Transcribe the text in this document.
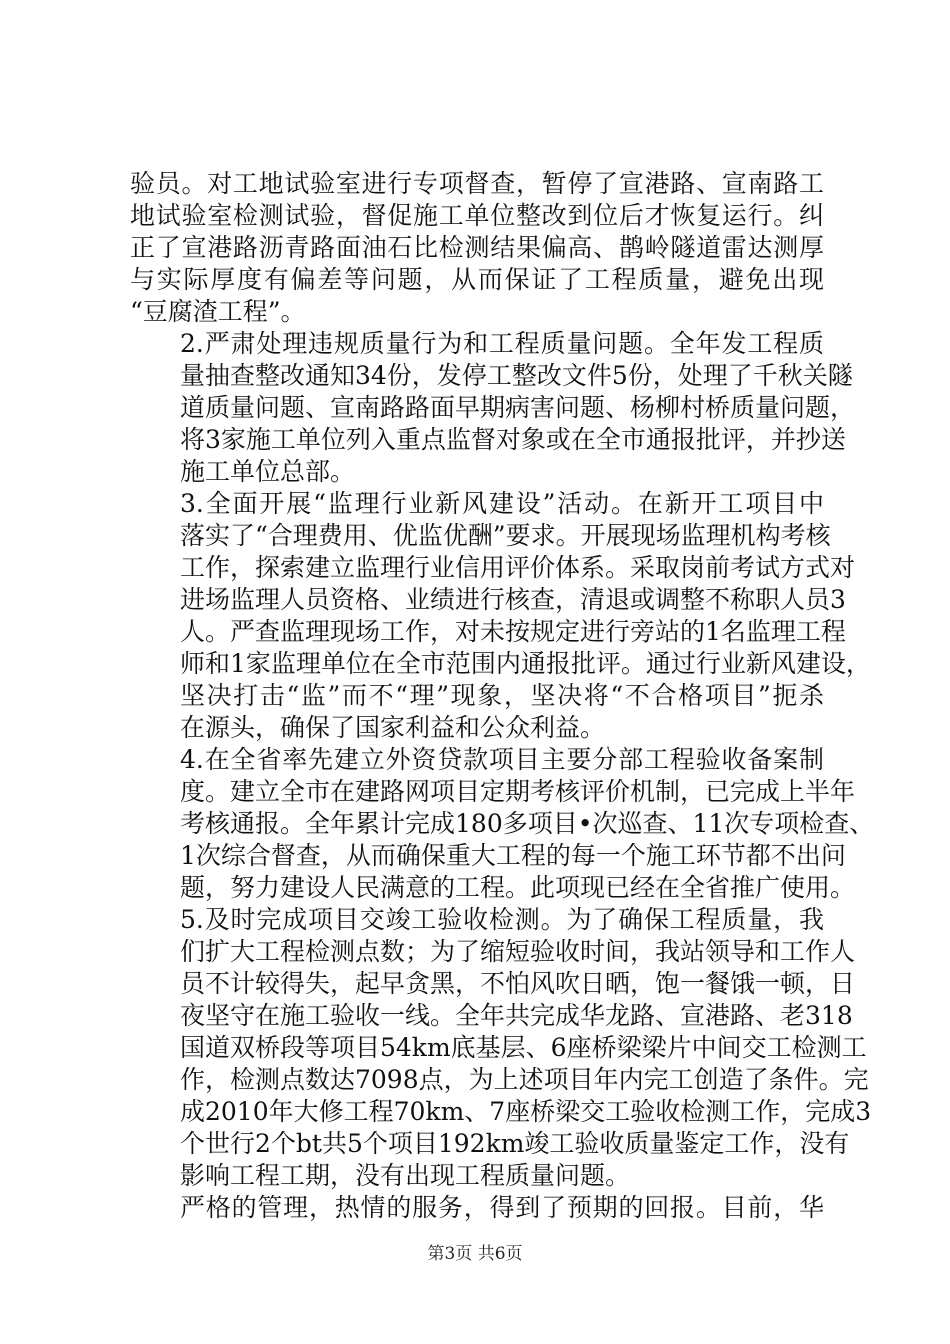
验员。对工地试验室进行专项督查，暂停了宣港路、宣南路工
地试验室检测试验，督促施工单位整改到位后才恢复运行。纠
正了宣港路沥青路面油石比检测结果偏高、鹊岭隧道雷达测厚
与实际厚度有偏差等问题，从而保证了工程质量，避免出现
“豆腐渣工程”。

2.严肃处理违规质量行为和工程质量问题。全年发工程质
量抽查整改通知34份，发停工整改文件5份，处理了千秋关隧
道质量问题、宣南路路面早期病害问题、杨柳村桥质量问题，
将3家施工单位列入重点监督对象或在全市通报批评，并抄送
施工单位总部。

3.全面开展“监理行业新风建设”活动。在新开工项目中
落实了“合理费用、优监优酬”要求。开展现场监理机构考核
工作，探索建立监理行业信用评价体系。采取岗前考试方式对
进场监理人员资格、业绩进行核查，清退或调整不称职人员3
人。严查监理现场工作，对未按规定进行旁站的1名监理工程
师和1家监理单位在全市范围内通报批评。通过行业新风建设，
坚决打击“监”而不“理”现象，坚决将“不合格项目”扼杀
在源头，确保了国家利益和公众利益。

4.在全省率先建立外资贷款项目主要分部工程验收备案制
度。建立全市在建路网项目定期考核评价机制，已完成上半年
考核通报。全年累计完成180多项目•次巡查、11次专项检查、
1次综合督查，从而确保重大工程的每一个施工环节都不出问
题，努力建设人民满意的工程。此项现已经在全省推广使用。

5.及时完成项目交竣工验收检测。为了确保工程质量，我
们扩大工程检测点数；为了缩短验收时间，我站领导和工作人
员不计较得失，起早贪黑，不怕风吹日晒，饱一餐饿一顿，日
夜坚守在施工验收一线。全年共完成华龙路、宣港路、老318
国道双桥段等项目54km底基层、6座桥梁梁片中间交工检测工
作，检测点数达7098点，为上述项目年内完工创造了条件。完
成2010年大修工程70km、7座桥梁交工验收检测工作，完成3
个世行2个bt共5个项目192km竣工验收质量鉴定工作，没有
影响工程工期，没有出现工程质量问题。

严格的管理，热情的服务，得到了预期的回报。目前，华

第3页 共6页
